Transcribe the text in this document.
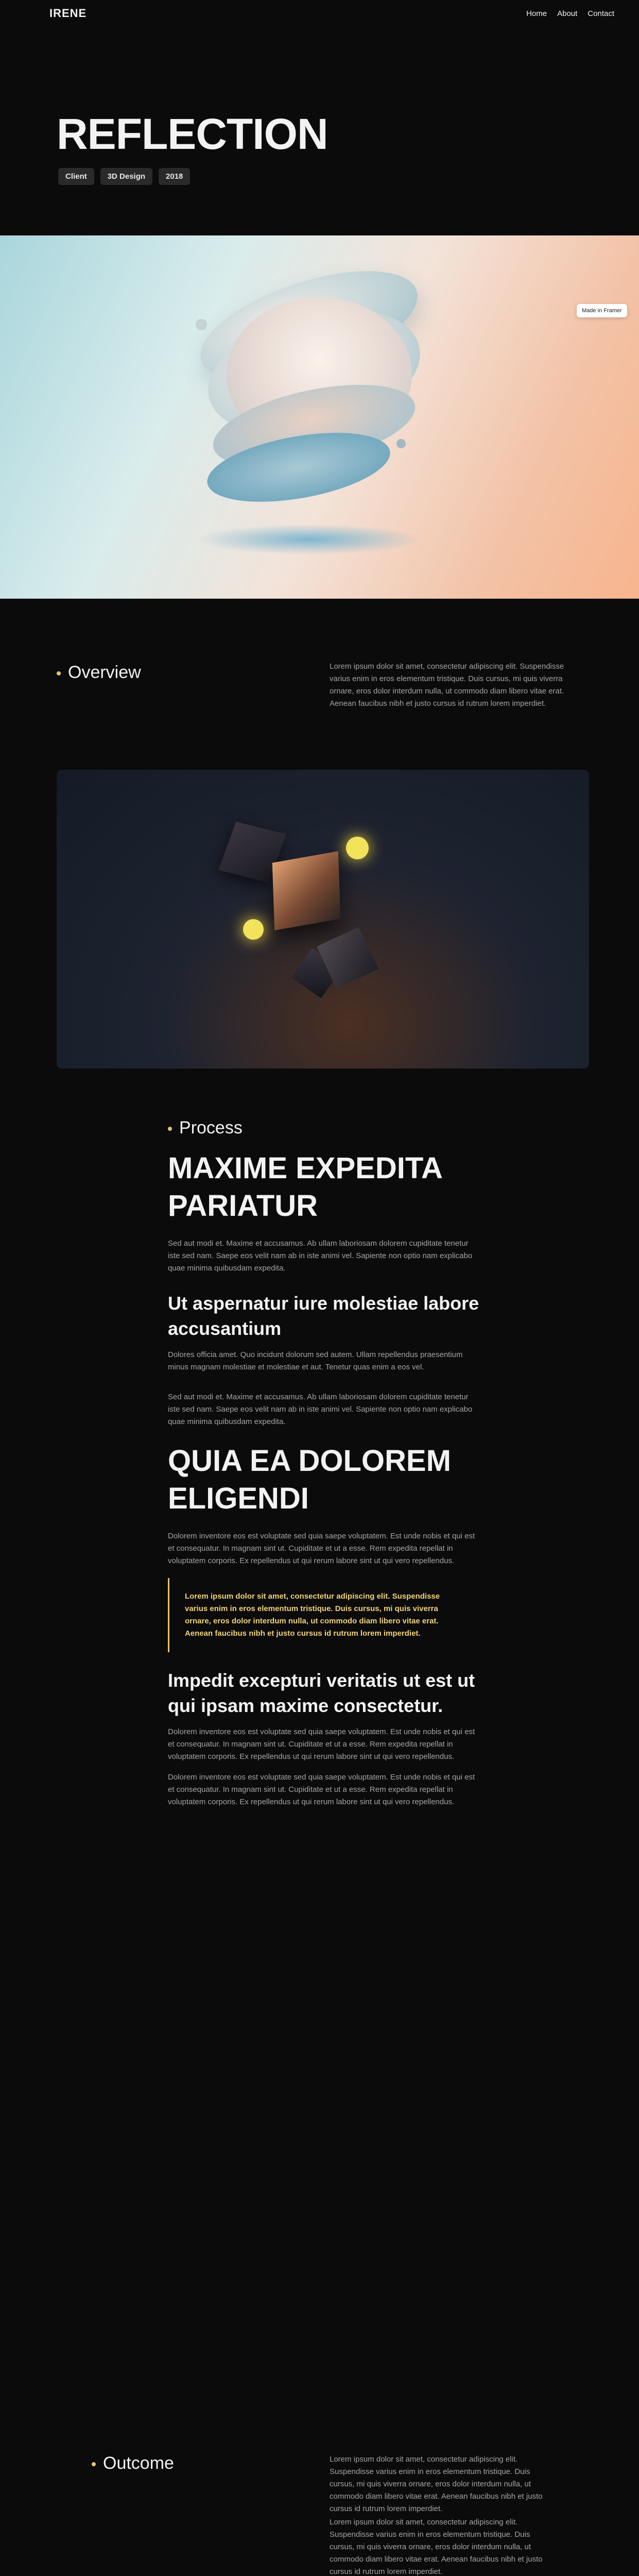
IRENE	Home About Contact
REFLECTION
Client	3D Design	2018
Made in Framer
Overview	Lorem ipsum dolor sit amet, consectetur adipiscing elit. Suspendisse varius enim in eros elementum tristique. Duis cursus, mi quis viverra ornare, eros dolor interdum nulla, ut commodo diam libero vitae erat. Aenean faucibus nibh et justo cursus id rutrum lorem imperdiet.

Process
MAXIME EXPEDITA PARIATUR

Sed aut modi et. Maxime et accusamus. Ab ullam laboriosam dolorem cupiditate tenetur iste sed nam. Saepe eos velit nam ab in iste animi vel. Sapiente non optio nam explicabo quae minima quibusdam expedita.

Ut aspernatur iure molestiae labore accusantium

Dolores officia amet. Quo incidunt dolorum sed autem. Ullam repellendus praesentium minus magnam molestiae et molestiae et aut. Tenetur quas enim a eos vel.

Sed aut modi et. Maxime et accusamus. Ab ullam laboriosam dolorem cupiditate tenetur iste sed nam. Saepe eos velit nam ab in iste animi vel. Sapiente non optio nam explicabo quae minima quibusdam expedita.

QUIA EA DOLOREM ELIGENDI

Dolorem inventore eos est voluptate sed quia saepe voluptatem. Est unde nobis et qui est et consequatur. In magnam sint ut. Cupiditate et ut a esse. Rem expedita repellat in voluptatem corporis. Ex repellendus ut qui rerum labore sint ut qui vero repellendus.

Lorem ipsum dolor sit amet, consectetur adipiscing elit. Suspendisse varius enim in eros elementum tristique. Duis cursus, mi quis viverra ornare, eros dolor interdum nulla, ut commodo diam libero vitae erat. Aenean faucibus nibh et justo cursus id rutrum lorem imperdiet.
Impedit excepturi veritatis ut est ut qui ipsam maxime consectetur.

Dolorem inventore eos est voluptate sed quia saepe voluptatem. Est unde nobis et qui est et consequatur. In magnam sint ut. Cupiditate et ut a esse. Rem expedita repellat in voluptatem corporis. Ex repellendus ut qui rerum labore sint ut qui vero repellendus.

Dolorem inventore eos est voluptate sed quia saepe voluptatem. Est unde nobis et qui est et consequatur. In magnam sint ut. Cupiditate et ut a esse. Rem expedita repellat in voluptatem corporis. Ex repellendus ut qui rerum labore sint ut qui vero repellendus.

Outcome	Lorem ipsum dolor sit amet, consectetur adipiscing elit. Suspendisse varius enim in eros elementum tristique. Duis cursus, mi quis viverra ornare, eros dolor interdum nulla, ut commodo diam libero vitae erat. Aenean faucibus nibh et justo cursus id rutrum lorem imperdiet.

Lorem ipsum dolor sit amet, consectetur adipiscing elit. Suspendisse varius enim in eros elementum tristique. Duis cursus, mi quis viverra ornare, eros dolor interdum nulla, ut commodo diam libero vitae erat. Aenean faucibus nibh et justo cursus id rutrum lorem imperdiet.
